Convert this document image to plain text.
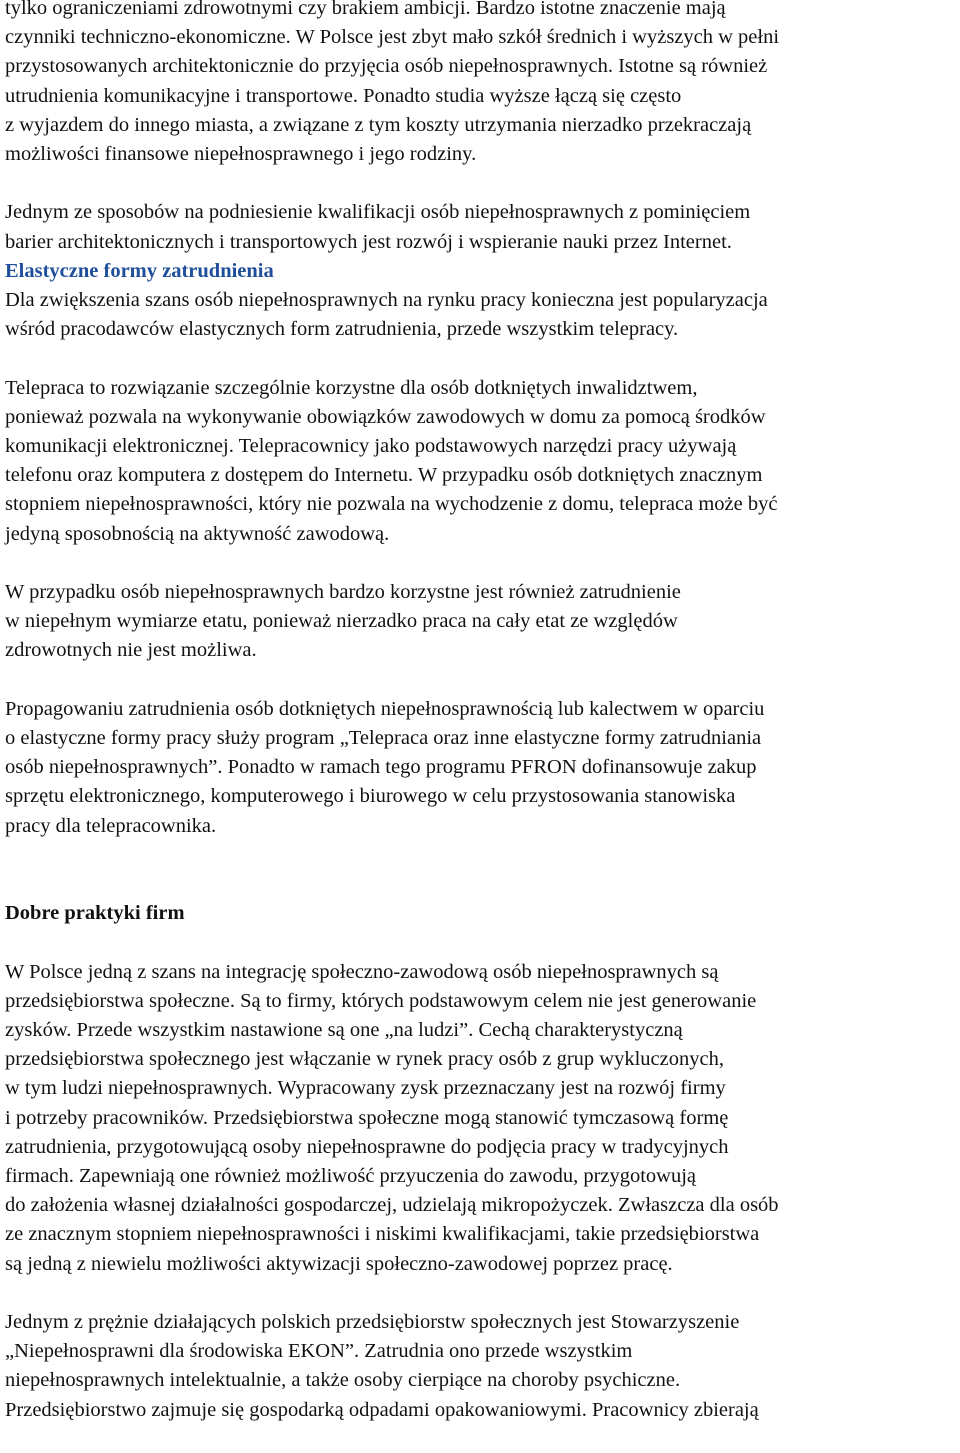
tylko ograniczeniami zdrowotnymi czy brakiem ambicji. Bardzo istotne znaczenie mają
czynniki techniczno-ekonomiczne. W Polsce jest zbyt mało szkół średnich i wyższych w pełni
przystosowanych architektonicznie do przyjęcia osób niepełnosprawnych. Istotne są również
utrudnienia komunikacyjne i transportowe. Ponadto studia wyższe łączą się często
z wyjazdem do innego miasta, a związane z tym koszty utrzymania nierzadko przekraczają
możliwości finansowe niepełnosprawnego i jego rodziny.

Jednym ze sposobów na podniesienie kwalifikacji osób niepełnosprawnych z pominięciem
barier architektonicznych i transportowych jest rozwój i wspieranie nauki przez Internet.

Elastyczne formy zatrudnienia

Dla zwiększenia szans osób niepełnosprawnych na rynku pracy konieczna jest popularyzacja
wśród pracodawców elastycznych form zatrudnienia, przede wszystkim telepracy.

Telepraca to rozwiązanie szczególnie korzystne dla osób dotkniętych inwalidztwem,
ponieważ pozwala na wykonywanie obowiązków zawodowych w domu za pomocą środków
komunikacji elektronicznej. Telepracownicy jako podstawowych narzędzi pracy używają
telefonu oraz komputera z dostępem do Internetu. W przypadku osób dotkniętych znacznym
stopniem niepełnosprawności, który nie pozwala na wychodzenie z domu, telepraca może być
jedyną sposobnością na aktywność zawodową.

W przypadku osób niepełnosprawnych bardzo korzystne jest również zatrudnienie
w niepełnym wymiarze etatu, ponieważ nierzadko praca na cały etat ze względów
zdrowotnych nie jest możliwa.

Propagowaniu zatrudnienia osób dotkniętych niepełnosprawnością lub kalectwem w oparciu
o elastyczne formy pracy służy program „Telepraca oraz inne elastyczne formy zatrudniania
osób niepełnosprawnych”. Ponadto w ramach tego programu PFRON dofinansowuje zakup
sprzętu elektronicznego, komputerowego i biurowego w celu przystosowania stanowiska
pracy dla telepracownika.

Dobre praktyki firm

W Polsce jedną z szans na integrację społeczno-zawodową osób niepełnosprawnych są
przedsiębiorstwa społeczne. Są to firmy, których podstawowym celem nie jest generowanie
zysków. Przede wszystkim nastawione są one „na ludzi”. Cechą charakterystyczną
przedsiębiorstwa społecznego jest włączanie w rynek pracy osób z grup wykluczonych,
w tym ludzi niepełnosprawnych. Wypracowany zysk przeznaczany jest na rozwój firmy
i potrzeby pracowników. Przedsiębiorstwa społeczne mogą stanowić tymczasową formę
zatrudnienia, przygotowującą osoby niepełnosprawne do podjęcia pracy w tradycyjnych
firmach. Zapewniają one również możliwość przyuczenia do zawodu, przygotowują
do założenia własnej działalności gospodarczej, udzielają mikropożyczek. Zwłaszcza dla osób
ze znacznym stopniem niepełnosprawności i niskimi kwalifikacjami, takie przedsiębiorstwa
są jedną z niewielu możliwości aktywizacji społeczno-zawodowej poprzez pracę.

Jednym z prężnie działających polskich przedsiębiorstw społecznych jest Stowarzyszenie
„Niepełnosprawni dla środowiska EKON”. Zatrudnia ono przede wszystkim
niepełnosprawnych intelektualnie, a także osoby cierpiące na choroby psychiczne.
Przedsiębiorstwo zajmuje się gospodarką odpadami opakowaniowymi. Pracownicy zbierają
